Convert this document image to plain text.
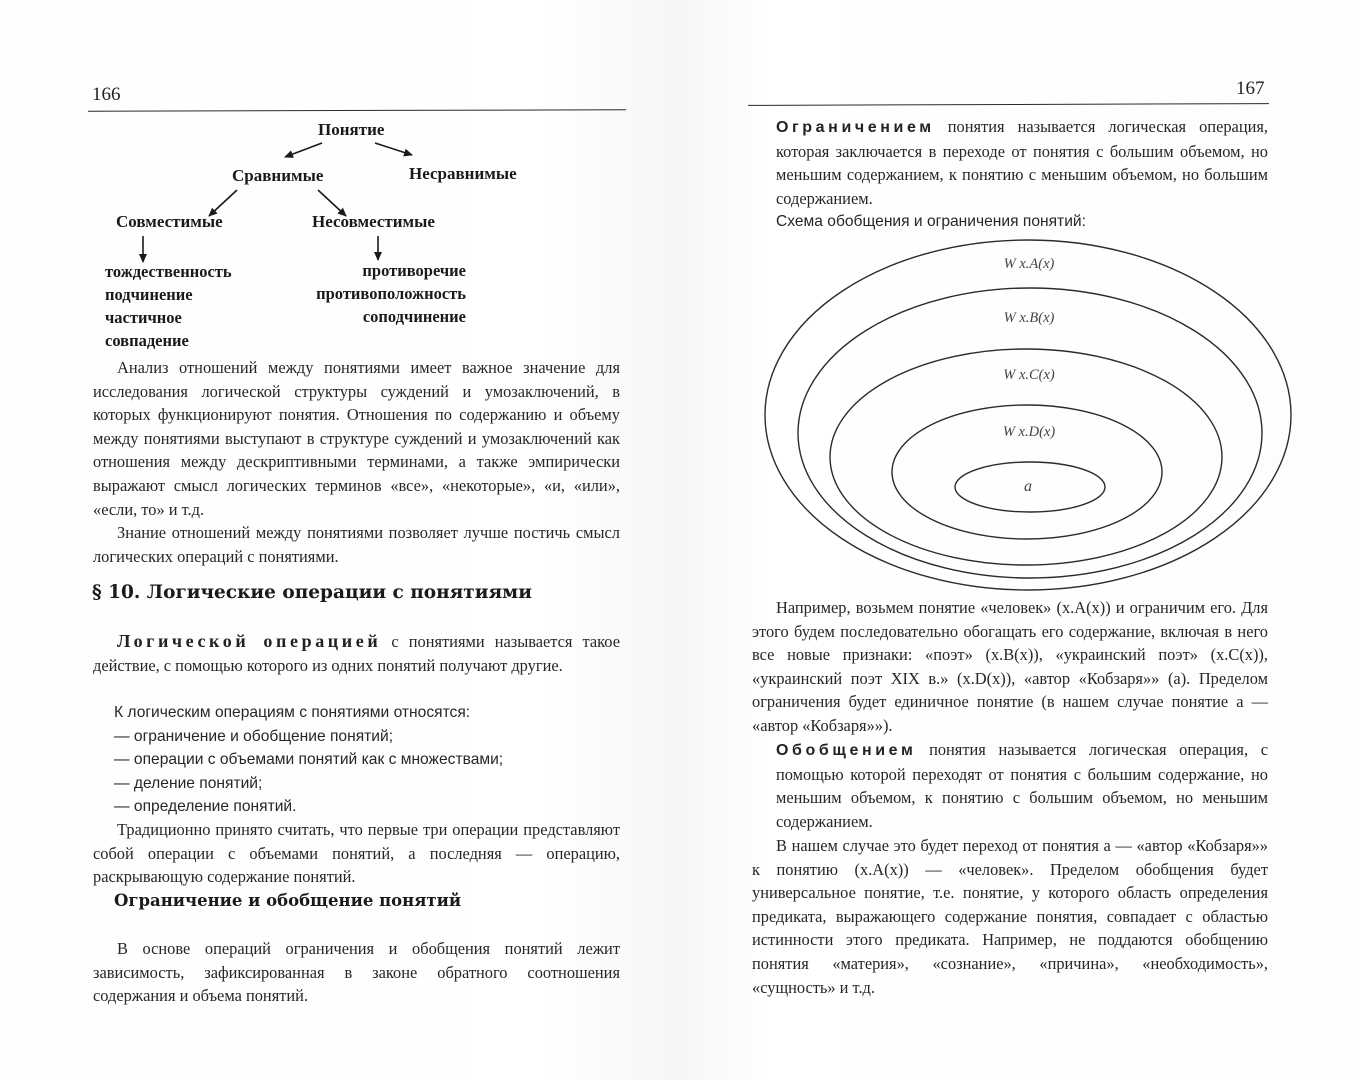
166
Понятие
Сравнимые	Несравнимые
Совместимые	Несовместимые
тождественность
подчинение
частичное
совпадение
противоречие
противоположность
соподчинение
Анализ отношений между понятиями имеет важное значение для исследования логической структуры суждений и умозаключений, в которых функционируют понятия. Отношения по содержанию и объему между понятиями выступают в структуре суждений и умозаключений как отношения между дескриптивными терминами, а также эмпирически выражают смысл логических терминов «все», «некоторые», «и, «или», «если, то» и т.д.
Знание отношений между понятиями позволяет лучше постичь смысл логических операций с понятиями.
§ 10. Логические операции с понятиями
Логической операцией с понятиями называется такое действие, с помощью которого из одних понятий получают другие.
К логическим операциям с понятиями относятся:
— ограничение и обобщение понятий;
— операции с объемами понятий как с множествами;
— деление понятий;
— определение понятий.
Традиционно принято считать, что первые три операции представляют собой операции с объемами понятий, а последняя — операцию, раскрывающую содержание понятий.
Ограничение и обобщение понятий
В основе операций ограничения и обобщения понятий лежит зависимость, зафиксированная в законе обратного соотношения содержания и объема понятий.
167
Ограничением понятия называется логическая операция, которая заключается в переходе от понятия с большим объемом, но меньшим содержанием, к понятию с меньшим объемом, но большим содержанием.
Схема обобщения и ограничения понятий:
W x.A(x)
W x.B(x)
W x.C(x)
W x.D(x)
a
Например, возьмем понятие «человек» (x.A(x)) и ограничим его. Для этого будем последовательно обогащать его содержание, включая в него все новые признаки: «поэт» (x.B(x)), «украинский поэт» (x.C(x)), «украинский поэт XIX в.» (x.D(x)), «автор «Кобзаря»» (a). Пределом ограничения будет единичное понятие (в нашем случае понятие a — «автор «Кобзаря»»).
Обобщением понятия называется логическая операция, с помощью которой переходят от понятия с большим содержание, но меньшим объемом, к понятию с большим объемом, но меньшим содержанием.
В нашем случае это будет переход от понятия a — «автор «Кобзаря»» к понятию (x.A(x)) — «человек». Пределом обобщения будет универсальное понятие, т.е. понятие, у которого область определения предиката, выражающего содержание понятия, совпадает с областью истинности этого предиката. Например, не поддаются обобщению понятия «материя», «сознание», «причина», «необходимость», «сущность» и т.д.
